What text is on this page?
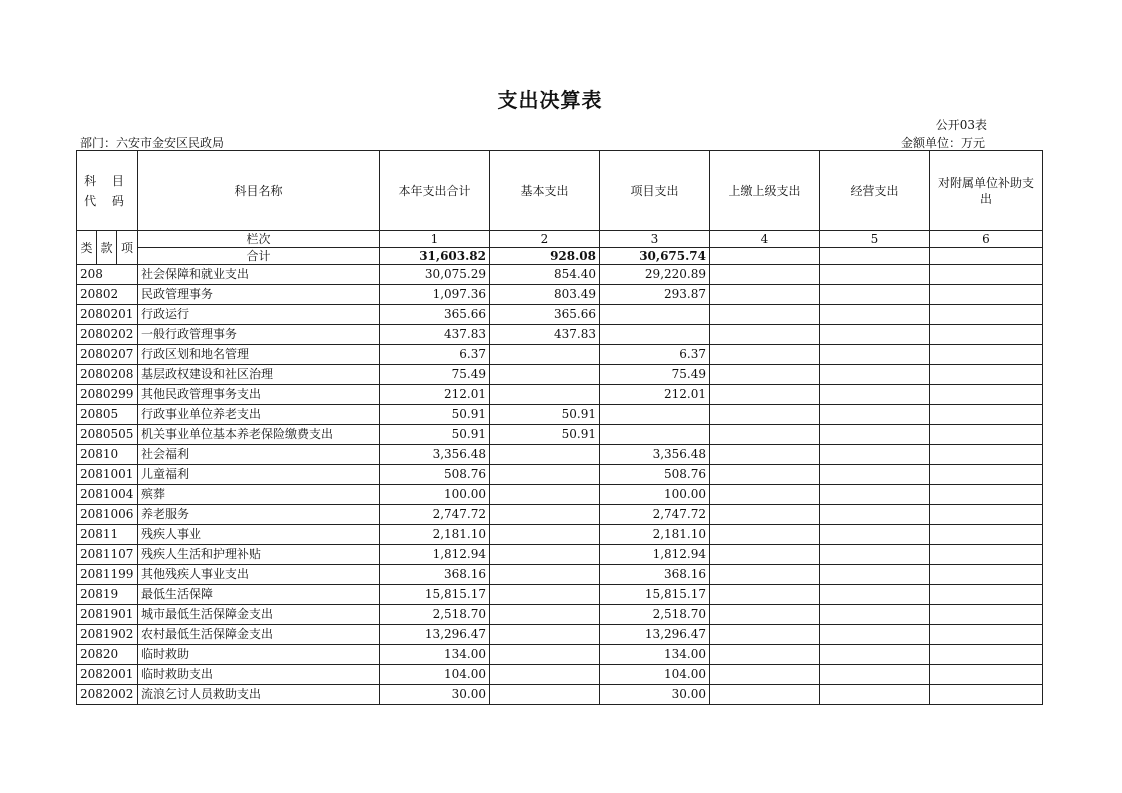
支出决算表
公开03表
部门：六安市金安区民政局	金额单位：万元
科 目
代 码			科目名称	本年支出合计	基本支出	项目支出	上缴上级支出	经营支出	对附属单位补助支出
类	款	项	栏次	1	2	3	4	5	6
			合计	31,603.82	928.08	30,675.74			
208			社会保障和就业支出	30,075.29	854.40	29,220.89			
20802			民政管理事务	1,097.36	803.49	293.87			
2080201			行政运行	365.66	365.66				
2080202			一般行政管理事务	437.83	437.83				
2080207			行政区划和地名管理	6.37		6.37			
2080208			基层政权建设和社区治理	75.49		75.49			
2080299			其他民政管理事务支出	212.01		212.01			
20805			行政事业单位养老支出	50.91	50.91				
2080505			机关事业单位基本养老保险缴费支出	50.91	50.91				
20810			社会福利	3,356.48		3,356.48			
2081001			儿童福利	508.76		508.76			
2081004			殡葬	100.00		100.00			
2081006			养老服务	2,747.72		2,747.72			
20811			残疾人事业	2,181.10		2,181.10			
2081107			残疾人生活和护理补贴	1,812.94		1,812.94			
2081199			其他残疾人事业支出	368.16		368.16			
20819			最低生活保障	15,815.17		15,815.17			
2081901			城市最低生活保障金支出	2,518.70		2,518.70			
2081902			农村最低生活保障金支出	13,296.47		13,296.47			
20820			临时救助	134.00		134.00			
2082001			临时救助支出	104.00		104.00			
2082002			流浪乞讨人员救助支出	30.00		30.00			
